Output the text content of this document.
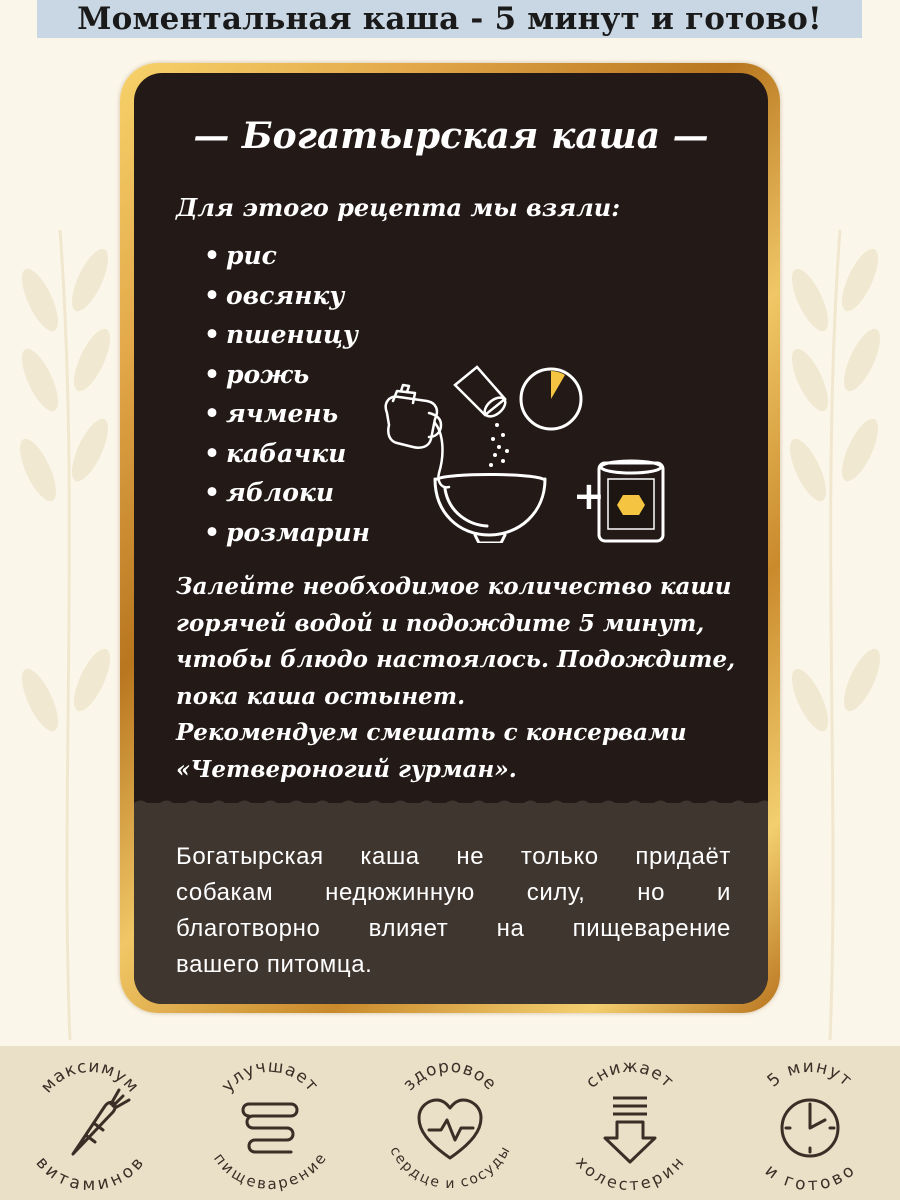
Моментальная каша - 5 минут и готово!
— Богатырская каша —
Для этого рецепта мы взяли:
• рис
• овсянку
• пшеницу
• рожь
• ячмень
• кабачки
• яблоки
• розмарин
+
Залейте необходимое количество каши
горячей водой и подождите 5 минут,
чтобы блюдо настоялось. Подождите,
пока каша остынет.
Рекомендуем смешать с консервами
«Четвероногий гурман».
Богатырская каша не только придаёт
собакам недюжинную силу, но и
благотворно влияет на пищеварение
вашего питомца.
максимум
витаминов
улучшает
пищеварение
здоровое
сердце и сосуды
снижает
холестерин
5 минут
и готово
